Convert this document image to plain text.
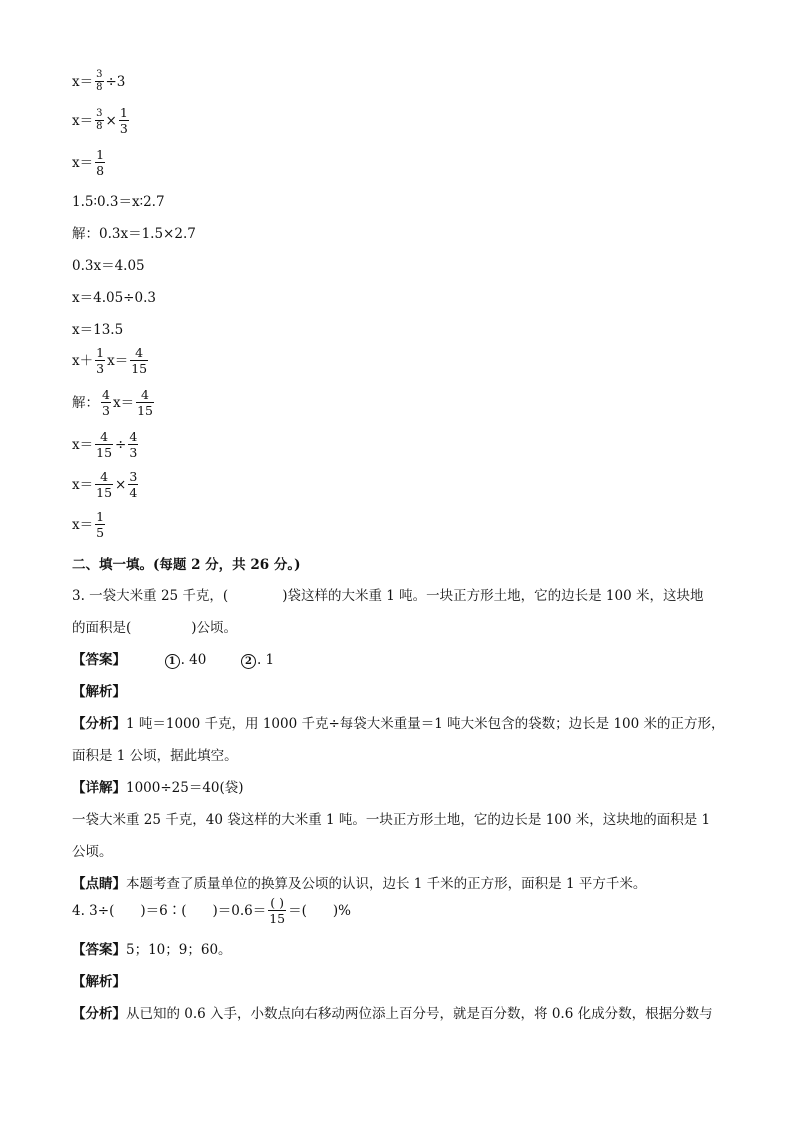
$x= \frac{3}{8} \div 3$
$x= \frac{3}{8} \times \frac{1}{3}$
$x= \frac{1}{8}$
1.5∶0.3＝x∶2.7
解：0.3x＝1.5×2.7
0.3x＝4.05
x＝4.05÷0.3
x＝13.5
$x+ \frac{1}{3} x= \frac{4}{15}$
解： $\frac{4}{3} x= \frac{4}{15}$
$x= \frac{4}{15} \div \frac{4}{3}$
$x= \frac{4}{15} \times \frac{3}{4}$
$x= \frac{1}{5}$
二、填一填。(每题 2 分，共 26 分。)
3. 一袋大米重 25 千克，(	)袋这样的大米重 1 吨。一块正方形土地，它的边长是 100 米，这块地
的面积是(	)公顷。
【答案】	1 . 40	2 . 1
【解析】
【分析】1 吨＝1000 千克，用 1000 千克÷每袋大米重量＝1 吨大米包含的袋数；边长是 100 米的正方形，
面积是 1 公顷，据此填空。
【详解】1000÷25＝40(袋)
一袋大米重 25 千克，40 袋这样的大米重 1 吨。一块正方形土地，它的边长是 100 米，这块地的面积是 1
公顷。
【点睛】本题考查了质量单位的换算及公顷的认识，边长 1 千米的正方形，面积是 1 平方千米。
4. 3÷( )＝6∶( )$=0.6= \frac{( )}{15}$ ＝( )%
【答案】5；10；9；60。
【解析】
【分析】从已知的 0.6 入手，小数点向右移动两位添上百分号，就是百分数，将 0.6 化成分数，根据分数与
